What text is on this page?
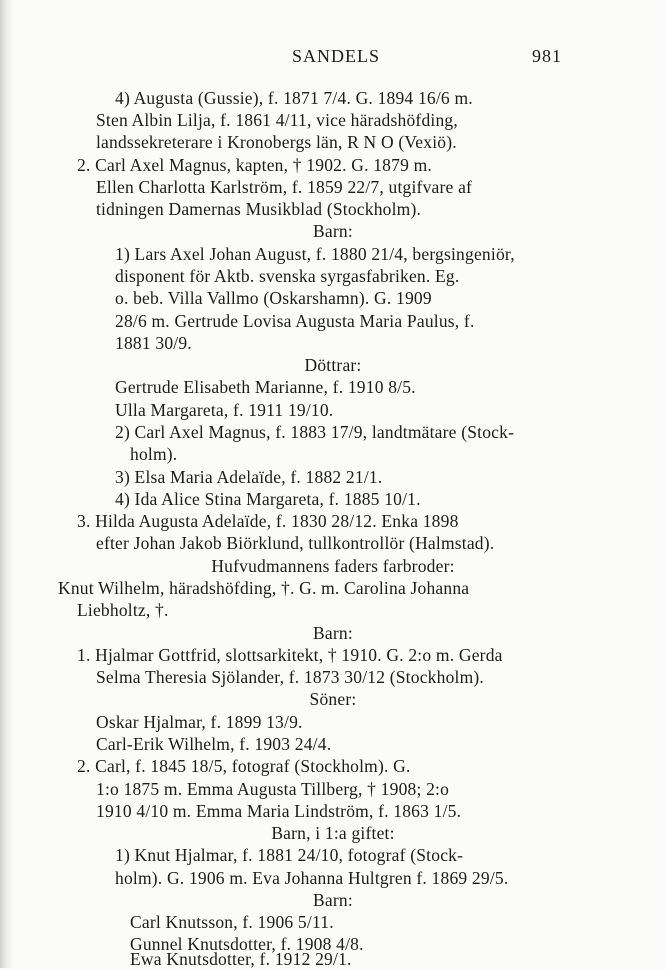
SANDELS	981
4) Augusta (Gussie), f. 1871 7/4. G. 1894 16/6 m.
Sten Albin Lilja, f. 1861 4/11, vice häradshöfding,
landssekreterare i Kronobergs län, R N O (Vexiö).
2. Carl Axel Magnus, kapten, † 1902. G. 1879 m.
Ellen Charlotta Karlström, f. 1859 22/7, utgifvare af
tidningen Damernas Musikblad (Stockholm).
Barn:
1) Lars Axel Johan August, f. 1880 21/4, bergsingeniör,
disponent för Aktb. svenska syrgasfabriken. Eg.
o. beb. Villa Vallmo (Oskarshamn). G. 1909
28/6 m. Gertrude Lovisa Augusta Maria Paulus, f.
1881 30/9.
Döttrar:
Gertrude Elisabeth Marianne, f. 1910 8/5.
Ulla Margareta, f. 1911 19/10.
2) Carl Axel Magnus, f. 1883 17/9, landtmätare (Stock-
holm).
3) Elsa Maria Adelaïde, f. 1882 21/1.
4) Ida Alice Stina Margareta, f. 1885 10/1.
3. Hilda Augusta Adelaïde, f. 1830 28/12. Enka 1898
efter Johan Jakob Biörklund, tullkontrollör (Halmstad).
Hufvudmannens faders farbroder:
Knut Wilhelm, häradshöfding, †. G. m. Carolina Johanna
Liebholtz, †.
Barn:
1. Hjalmar Gottfrid, slottsarkitekt, † 1910. G. 2:o m. Gerda
Selma Theresia Sjölander, f. 1873 30/12 (Stockholm).
Söner:
Oskar Hjalmar, f. 1899 13/9.
Carl-Erik Wilhelm, f. 1903 24/4.
2. Carl, f. 1845 18/5, fotograf (Stockholm). G.
1:o 1875 m. Emma Augusta Tillberg, † 1908; 2:o
1910 4/10 m. Emma Maria Lindström, f. 1863 1/5.
Barn, i 1:a giftet:
1) Knut Hjalmar, f. 1881 24/10, fotograf (Stock-
holm). G. 1906 m. Eva Johanna Hultgren f. 1869 29/5.
Barn:
Carl Knutsson, f. 1906 5/11.
Gunnel Knutsdotter, f. 1908 4/8.
Ewa Knutsdotter, f. 1912 29/1.
